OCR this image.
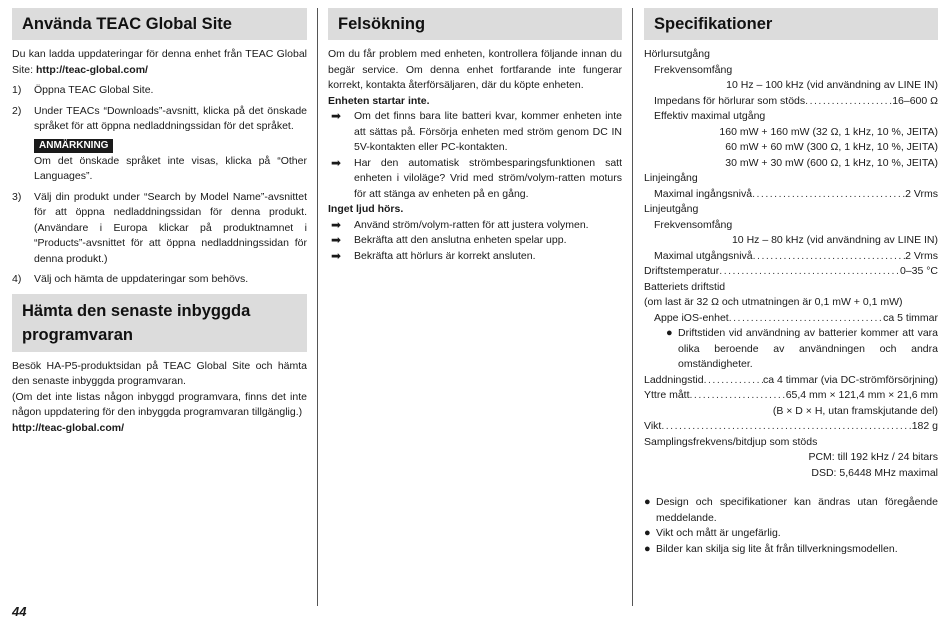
Använda TEAC Global Site

Du kan ladda uppdateringar för denna enhet från TEAC Global Site: http://teac-global.com/

1)	Öppna TEAC Global Site.
2)	Under TEACs “Downloads”-avsnitt, klicka på det önskade språket för att öppna nedladdningssidan för det språket.
ANMÄRKNING

Om det önskade språket inte visas, klicka på “Other Languages”.

3)	Välj din produkt under “Search by Model Name”-avsnittet för att öppna nedladdningssidan för denna produkt. (Användare i Europa klickar på produktnamnet i “Products”-avsnittet för att öppna nedladdningssidan för denna produkt.)
4)	Välj och hämta de uppdateringar som behövs.
Hämta den senaste inbyggda programvaran

Besök HA-P5-produktsidan på TEAC Global Site och hämta den senaste inbyggda programvaran.

(Om det inte listas någon inbyggd programvara, finns det inte någon uppdatering för den inbyggda programvaran tillgänglig.)

http://teac-global.com/

Felsökning

Om du får problem med enheten, kontrollera följande innan du begär service. Om denna enhet fortfarande inte fungerar korrekt, kontakta återförsäljaren, där du köpte enheten.

Enheten startar inte.

➡	Om det finns bara lite batteri kvar, kommer enheten inte att sättas på. Försörja enheten med ström genom DC IN 5V-kontakten eller PC-kontakten.
➡	Har den automatisk strömbesparingsfunktionen satt enheten i viloläge? Vrid med ström/volym-ratten moturs för att stänga av enheten på en gång.

Inget ljud hörs.

➡	Använd ström/volym-ratten för att justera volymen.
➡	Bekräfta att den anslutna enheten spelar upp.
➡	Bekräfta att hörlurs är korrekt ansluten.
Specifikationer

Hörlursutgång

Frekvensomfång

10 Hz – 100 kHz (vid användning av LINE IN)

Impedans för hörlurar som stöds .....	16–600 Ω

Effektiv maximal utgång

160 mW + 160 mW (32 Ω, 1 kHz, 10 %, JEITA)

60 mW + 60 mW (300 Ω, 1 kHz, 10 %, JEITA)

30 mW + 30 mW (600 Ω, 1 kHz, 10 %, JEITA)

Linjeingång

Maximal ingångsnivå .....	2 Vrms

Linjeutgång

Frekvensomfång

10 Hz – 80 kHz (vid användning av LINE IN)

Maximal utgångsnivå .....	2 Vrms
Driftstemperatur .....	0–35 °C

Batteriets driftstid

(om last är 32 Ω och utmatningen är 0,1 mW + 0,1 mW)

Appe iOS-enhet .....	ca 5 timmar
● Driftstiden vid användning av batterier kommer att vara olika beroende av användningen och andra omständigheter.
Laddningstid .....	ca 4 timmar (via DC-strömförsörjning)
Yttre mått .....	65,4 mm × 121,4 mm × 21,6 mm

(B × D × H, utan framskjutande del)

Vikt .....	182 g

Samplingsfrekvens/bitdjup som stöds

PCM: till 192 kHz / 24 bitars

DSD: 5,6448 MHz maximal

● Design och specifikationer kan ändras utan föregående meddelande.
● Vikt och mått är ungefärlig.
● Bilder kan skilja sig lite åt från tillverkningsmodellen.
44
